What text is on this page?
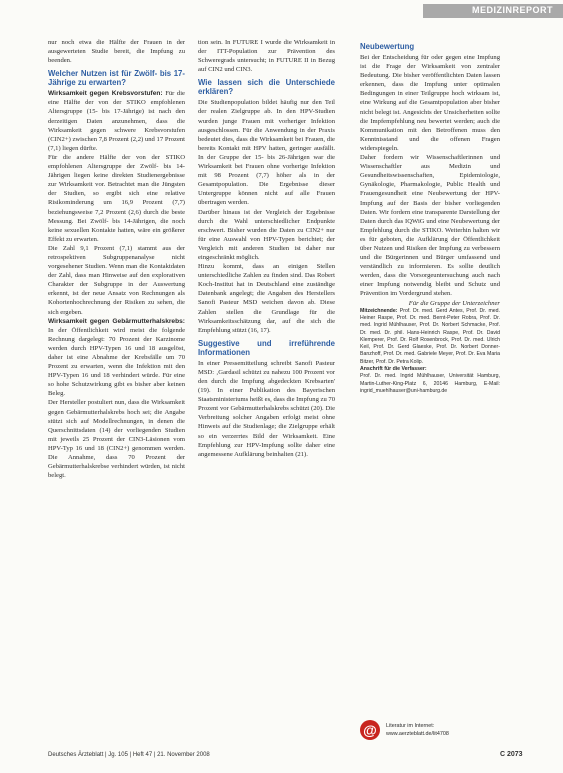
MEDIZINREPORT

nur noch etwa die Hälfte der Frauen in der ausgewerteten Studie bereit, die Impfung zu beenden.

Welcher Nutzen ist für Zwölf- bis 17-Jährige zu erwarten?

Wirksamkeit gegen Krebsvorstufen: Für die eine Hälfte der von der STIKO empfohlenen Altersgruppe (15- bis 17-Jährige) ist nach den derzeitigen Daten anzunehmen, dass die Wirksamkeit gegen schwere Krebsvorstufen (CIN2+) zwischen 7,8 Prozent (2,2) und 17 Prozent (7,1) liegen dürfte.

Für die andere Hälfte der von der STIKO empfohlenen Altersgruppe der Zwölf- bis 14-Jährigen liegen keine direkten Studienergebnisse zur Wirksamkeit vor. Betrachtet man die Jüngsten der Studien, so ergibt sich eine relative Risikominderung um 16,9 Prozent (7,7) beziehungsweise 7,2 Prozent (2,6) durch die beste Messung. Bei Zwölf- bis 14-Jährigen, die noch keine sexuellen Kontakte hatten, wäre ein größerer Effekt zu erwarten.

Die Zahl 9,1 Prozent (7,1) stammt aus der retrospektiven Subgruppenanalyse nicht vorgesehener Studien. Wenn man die Kontaktdaten der Zahl, dass man Hinweise auf den explorativen Charakter der Subgruppe in der Auswertung erkennt, ist der neue Ansatz von Rechnungen als Kohortenhochrechnung der Risiken zu sehen, die sich ergeben.

Wirksamkeit gegen Gebärmutterhalskrebs: In der Öffentlichkeit wird meist die folgende Rechnung dargelegt: 70 Prozent der Karzinome werden durch HPV-Typen 16 und 18 ausgelöst, daher ist eine Abnahme der Krebsfälle um 70 Prozent zu erwarten, wenn die Infektion mit den HPV-Typen 16 und 18 verhindert würde. Für eine so hohe Schutzwirkung gibt es bisher aber keinen Beleg.

Der Hersteller postuliert nun, dass die Wirksamkeit gegen Gebärmutterhalskrebs hoch sei; die Angabe stützt sich auf Modellrechnungen, in denen die Querschnittsdaten (14) der vorliegenden Studien mit jeweils 25 Prozent der CIN3-Läsionen vom HPV-Typ 16 und 18 (CIN2+) genommen werden. Die Annahme, dass 70 Prozent der Gebärmutterhalskrebse verhindert würden, ist nicht belegt.

tion sein. In FUTURE I wurde die Wirksamkeit in der ITT-Population zur Prävention des Schweregrads untersucht; in FUTURE II in Bezug auf CIN2 und CIN3.

Wie lassen sich die Unterschiede erklären?

Die Studienpopulation bildet häufig nur den Teil der realen Zielgruppe ab. In den HPV-Studien wurden junge Frauen mit vorheriger Infektion ausgeschlossen. Für die Anwendung in der Praxis bedeutet dies, dass die Wirksamkeit bei Frauen, die bereits Kontakt mit HPV hatten, geringer ausfällt. In der Gruppe der 15- bis 26-Jährigen war die Wirksamkeit bei Frauen ohne vorherige Infektion mit 98 Prozent (7,7) höher als in der Gesamtpopulation. Die Ergebnisse dieser Untergruppe können nicht auf alle Frauen übertragen werden.

Darüber hinaus ist der Vergleich der Ergebnisse durch die Wahl unterschiedlicher Endpunkte erschwert. Bisher wurden die Daten zu CIN2+ nur für eine Auswahl von HPV-Typen berichtet; der Vergleich mit anderen Studien ist daher nur eingeschränkt möglich.

Hinzu kommt, dass an einigen Stellen unterschiedliche Zahlen zu finden sind. Das Robert Koch-Institut hat in Deutschland eine zuständige Datenbank angelegt; die Angaben des Herstellers Sanofi Pasteur MSD weichen davon ab. Diese Zahlen stellen die Grundlage für die Wirksamkeitsschätzung dar, auf die sich die Empfehlung stützt (16, 17).

Suggestive und irreführende Informationen

In einer Pressemitteilung schreibt Sanofi Pasteur MSD: ‚Gardasil schützt zu nahezu 100 Prozent vor den durch die Impfung abgedeckten Krebsarten' (19). In einer Publikation des Bayerischen Staatsministeriums heißt es, dass die Impfung zu 70 Prozent vor Gebärmutterhalskrebs schützt (20). Die Verbreitung solcher Angaben erfolgt meist ohne Hinweis auf die Studienlage; die Zielgruppe erhält so ein verzerrtes Bild der Wirksamkeit. Eine Empfehlung zur HPV-Impfung sollte daher eine angemessene Aufklärung beinhalten (21).

Neubewertung

Bei der Entscheidung für oder gegen eine Impfung ist die Frage der Wirksamkeit von zentraler Bedeutung. Die bisher veröffentlichten Daten lassen erkennen, dass die Impfung unter optimalen Bedingungen in einer Teilgruppe hoch wirksam ist, eine Wirkung auf die Gesamtpopulation aber bisher nicht belegt ist. Angesichts der Unsicherheiten sollte die Impfempfehlung neu bewertet werden; auch die Kommunikation mit den Betroffenen muss den Kenntnisstand und die offenen Fragen widerspiegeln.

Daher fordern wir Wissenschaftlerinnen und Wissenschaftler aus Medizin und Gesundheitswissenschaften, Epidemiologie, Gynäkologie, Pharmakologie, Public Health und Frauengesundheit eine Neubewertung der HPV-Impfung auf der Basis der bisher vorliegenden Daten. Wir fordern eine transparente Darstellung der Daten durch das IQWiG und eine Neubewertung der Empfehlung durch die STIKO. Weiterhin halten wir es für geboten, die Aufklärung der Öffentlichkeit über Nutzen und Risiken der Impfung zu verbessern und die Bürgerinnen und Bürger umfassend und verständlich zu informieren. Es sollte deutlich werden, dass die Vorsorgeuntersuchung auch nach einer Impfung notwendig bleibt und Schutz und Prävention im Vordergrund stehen.

Für die Gruppe der Unterzeichner

Mitzeichnende: Prof. Dr. med. Gerd Antes, Prof. Dr. med. Heiner Raspe, Prof. Dr. med. Bernt-Peter Robra, Prof. Dr. med. Ingrid Mühlhauser, Prof. Dr. Norbert Schmacke, Prof. Dr. med. Dr. phil. Hans-Heinrich Raspe, Prof. Dr. David Klemperer, Prof. Dr. Rolf Rosenbrock, Prof. Dr. med. Ulrich Keil, Prof. Dr. Gerd Glaeske, Prof. Dr. Norbert Donner-Banzhoff, Prof. Dr. med. Gabriele Meyer, Prof. Dr. Eva Maria Bitzer, Prof. Dr. Petra Kolip.

Anschrift für die Verfasser:
Prof. Dr. med. Ingrid Mühlhauser, Universität Hamburg, Martin-Luther-King-Platz 6, 20146 Hamburg, E-Mail: ingrid_muehlhauser@uni-hamburg.de

@	Literatur im Internet:
www.aerzteblatt.de/lit4708
Deutsches Ärzteblatt | Jg. 105 | Heft 47 | 21. November 2008	C 2073
